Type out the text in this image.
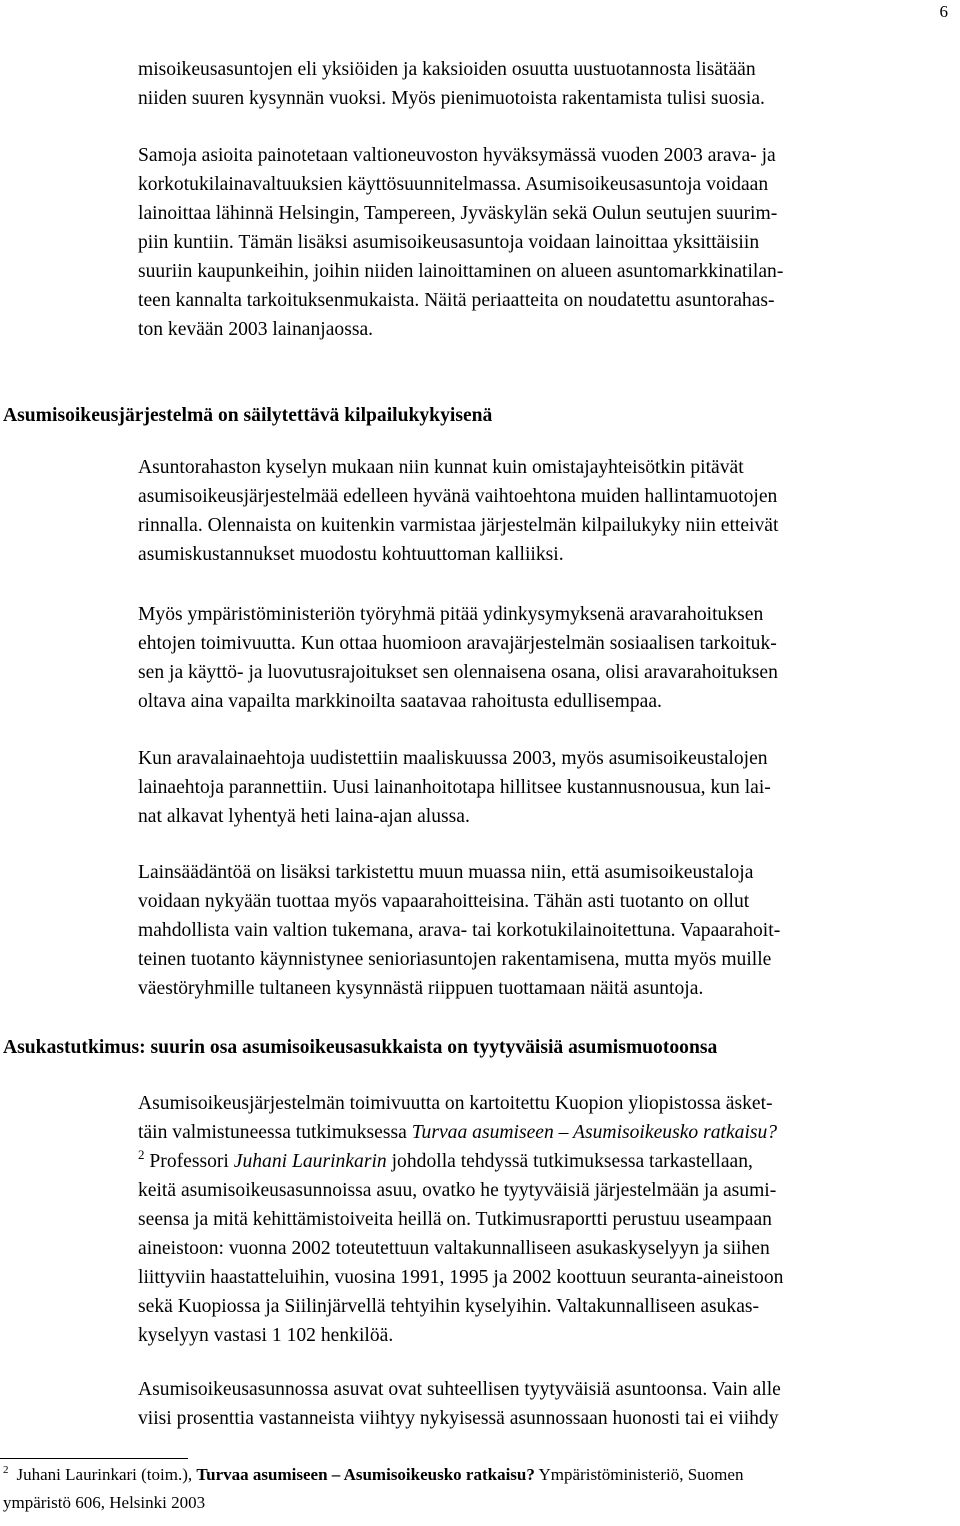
6
misoikeusasuntojen eli yksiöiden ja kaksioiden osuutta uustuotannosta lisätään
niiden suuren kysynnän vuoksi. Myös pienimuotoista rakentamista tulisi suosia.
Samoja asioita painotetaan valtioneuvoston hyväksymässä vuoden 2003 arava- ja
korkotukilainavaltuuksien käyttösuunnitelmassa. Asumisoikeusasuntoja voidaan
lainoittaa lähinnä Helsingin, Tampereen, Jyväskylän sekä Oulun seutujen suurim-
piin kuntiin. Tämän lisäksi asumisoikeusasuntoja voidaan lainoittaa yksittäisiin
suuriin kaupunkeihin, joihin niiden lainoittaminen on alueen asuntomarkkinatilan-
teen kannalta tarkoituksenmukaista. Näitä periaatteita on noudatettu asuntorahas-
ton kevään 2003 lainanjaossa.
Asumisoikeusjärjestelmä on säilytettävä kilpailukykyisenä
Asuntorahaston kyselyn mukaan niin kunnat kuin omistajayhteisötkin pitävät
asumisoikeusjärjestelmää edelleen hyvänä vaihtoehtona muiden hallintamuotojen
rinnalla. Olennaista on kuitenkin varmistaa järjestelmän kilpailukyky niin etteivät
asumiskustannukset muodostu kohtuuttoman kalliiksi.
Myös ympäristöministeriön työryhmä pitää ydinkysymyksenä aravarahoituksen
ehtojen toimivuutta. Kun ottaa huomioon aravajärjestelmän sosiaalisen tarkoituk-
sen ja käyttö- ja luovutusrajoitukset sen olennaisena osana, olisi aravarahoituksen
oltava aina vapailta markkinoilta saatavaa rahoitusta edullisempaa.
Kun aravalainaehtoja uudistettiin maaliskuussa 2003, myös asumisoikeustalojen
lainaehtoja parannettiin. Uusi lainanhoitotapa hillitsee kustannusnousua, kun lai-
nat alkavat lyhentyä heti laina-ajan alussa.
Lainsäädäntöä on lisäksi tarkistettu muun muassa niin, että asumisoikeustaloja
voidaan nykyään tuottaa myös vapaarahoitteisina. Tähän asti tuotanto on ollut
mahdollista vain valtion tukemana, arava- tai korkotukilainoitettuna. Vapaarahoit-
teinen tuotanto käynnistynee senioriasuntojen rakentamisena, mutta myös muille
väestöryhmille tultaneen kysynnästä riippuen tuottamaan näitä asuntoja.
Asukastutkimus: suurin osa asumisoikeusasukkaista on tyytyväisiä asumismuotoonsa
Asumisoikeusjärjestelmän toimivuutta on kartoitettu Kuopion yliopistossa äsket-
täin valmistuneessa tutkimuksessa Turvaa asumiseen – Asumisoikeusko ratkaisu?
$^2$ Professori Juhani Laurinkarin johdolla tehdyssä tutkimuksessa tarkastellaan,
keitä asumisoikeusasunnoissa asuu, ovatko he tyytyväisiä järjestelmään ja asumi-
seensa ja mitä kehittämistoiveita heillä on. Tutkimusraportti perustuu useampaan
aineistoon: vuonna 2002 toteutettuun valtakunnalliseen asukaskyselyyn ja siihen
liittyviin haastatteluihin, vuosina 1991, 1995 ja 2002 koottuun seuranta-aineistoon
sekä Kuopiossa ja Siilinjärvellä tehtyihin kyselyihin. Valtakunnalliseen asukas-
kyselyyn vastasi 1 102 henkilöä.
Asumisoikeusasunnossa asuvat ovat suhteellisen tyytyväisiä asuntoonsa. Vain alle
viisi prosenttia vastanneista viihtyy nykyisessä asunnossaan huonosti tai ei viihdy
$^2$ Juhani Laurinkari (toim.), Turvaa asumiseen – Asumisoikeusko ratkaisu? Ympäristöministeriö, Suomen
ympäristö 606, Helsinki 2003
